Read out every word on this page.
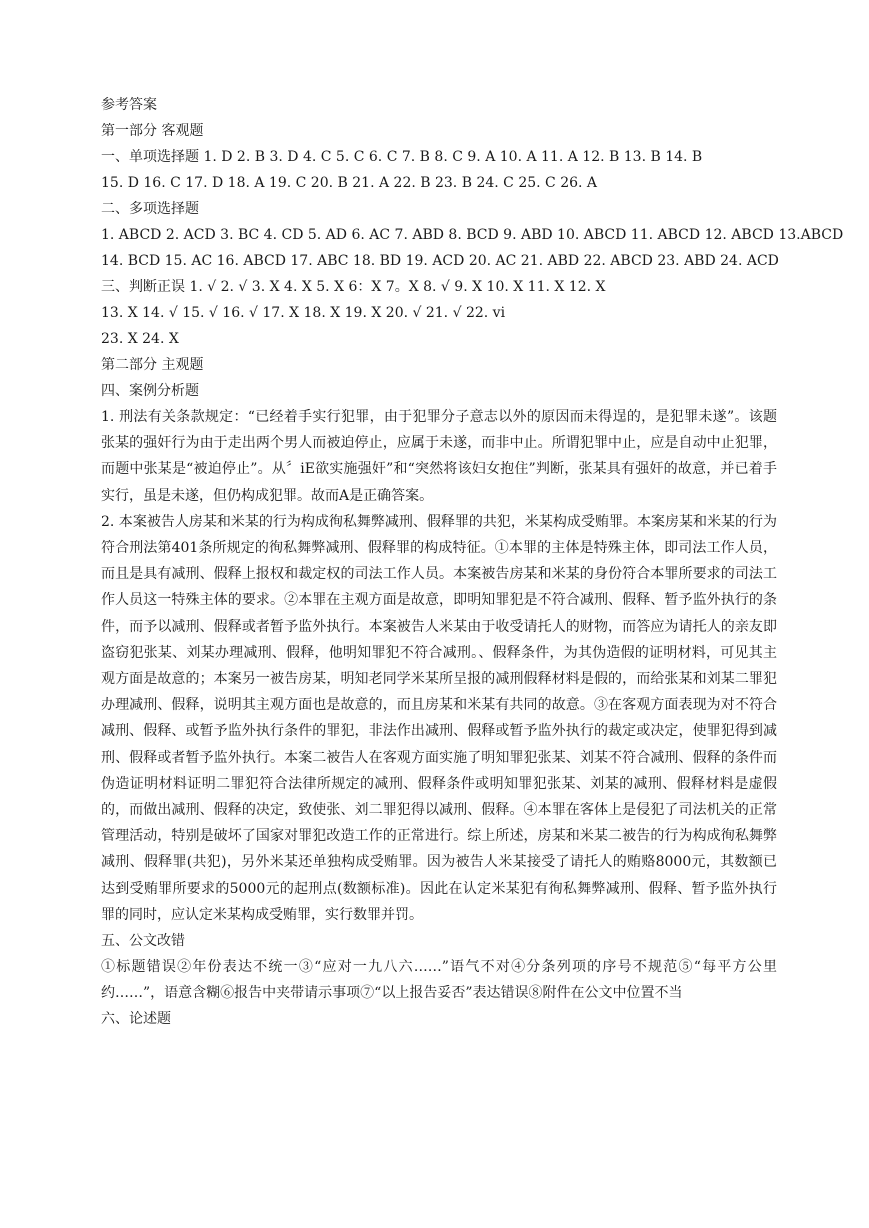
参考答案
第一部分 客观题
一、单项选择题 1. D 2. B 3. D 4. C 5. C 6. C 7. B 8. C 9. A 10. A 11. A 12. B 13. B 14. B
15. D 16. C 17. D 18. A 19. C 20. B 21. A 22. B 23. B 24. C 25. C 26. A
二、多项选择题
1. ABCD 2. ACD 3. BC 4. CD 5. AD 6. AC 7. ABD 8. BCD 9. ABD 10. ABCD 11. ABCD 12. ABCD 13.ABCD
14. BCD 15. AC 16. ABCD 17. ABC 18. BD 19. ACD 20. AC 21. ABD 22. ABCD 23. ABD 24. ACD
三、判断正误 1. √ 2. √ 3. X 4. X 5. X 6：X 7。X 8. √ 9. X 10. X 11. X 12. X
13. X 14. √ 15. √ 16. √ 17. X 18. X 19. X 20. √ 21. √ 22. vi
23. X 24. X
第二部分 主观题
四、案例分析题
1. 刑法有关条款规定：“已经着手实行犯罪，由于犯罪分子意志以外的原因而未得逞的，是犯罪未遂”。该题张某的强奸行为由于走出两个男人而被迫停止，应属于未遂，而非中止。所谓犯罪中止，应是自动中止犯罪，而题中张某是“被迫停止”。从〞iE欲实施强奸”和“突然将该妇女抱住”判断，张某具有强奸的故意，并已着手实行，虽是未遂，但仍构成犯罪。故而A是正确答案。
2. 本案被告人房某和米某的行为构成徇私舞弊减刑、假释罪的共犯，米某构成受贿罪。本案房某和米某的行为符合刑法第401条所规定的徇私舞弊减刑、假释罪的构成特征。①本罪的主体是特殊主体，即司法工作人员，而且是具有减刑、假释上报权和裁定权的司法工作人员。本案被告房某和米某的身份符合本罪所要求的司法工作人员这一特殊主体的要求。②本罪在主观方面是故意，即明知罪犯是不符合减刑、假释、暂予监外执行的条件，而予以减刑、假释或者暂予监外执行。本案被告人米某由于收受请托人的财物，而答应为请托人的亲友即盗窃犯张某、刘某办理减刑、假释，他明知罪犯不符合减刑。、假释条件，为其伪造假的证明材料，可见其主观方面是故意的；本案另一被告房某，明知老同学米某所呈报的减刑假释材料是假的，而给张某和刘某二罪犯办理减刑、假释，说明其主观方面也是故意的，而且房某和米某有共同的故意。③在客观方面表现为对不符合减刑、假释、或暂予监外执行条件的罪犯，非法作出减刑、假释或暂予监外执行的裁定或决定，使罪犯得到减刑、假释或者暂予监外执行。本案二被告人在客观方面实施了明知罪犯张某、刘某不符合减刑、假释的条件而伪造证明材料证明二罪犯符合法律所规定的减刑、假释条件或明知罪犯张某、刘某的减刑、假释材料是虚假的，而做出减刑、假释的决定，致使张、刘二罪犯得以减刑、假释。④本罪在客体上是侵犯了司法机关的正常管理活动，特别是破坏了国家对罪犯改造工作的正常进行。综上所述，房某和米某二被告的行为构成徇私舞弊减刑、假释罪(共犯)，另外米某还单独构成受贿罪。因为被告人米某接受了请托人的贿赂8000元，其数额已达到受贿罪所要求的5000元的起刑点(数额标准)。因此在认定米某犯有徇私舞弊减刑、假释、暂予监外执行罪的同时，应认定米某构成受贿罪，实行数罪并罚。
五、公文改错
①标题错误②年份表达不统一③“应对一九八六……”语气不对④分条列项的序号不规范⑤“每平方公里约……”，语意含糊⑥报告中夹带请示事项⑦“以上报告妥否”表达错误⑧附件在公文中位置不当
六、论述题
